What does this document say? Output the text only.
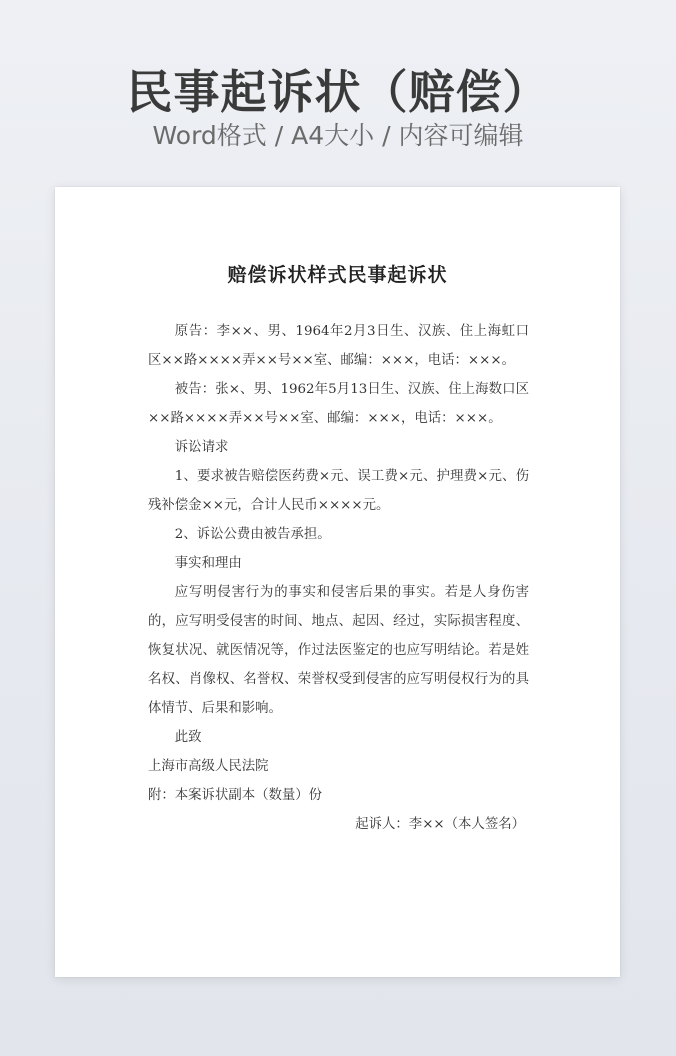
民事起诉状（赔偿）
Word格式 / A4大小 / 内容可编辑
赔偿诉状样式民事起诉状

原告：李××、男、1964年2月3日生、汉族、住上海虹口区××路××××弄××号××室、邮编：×××，电话：×××。

被告：张×、男、1962年5月13日生、汉族、住上海数口区××路××××弄××号××室、邮编：×××，电话：×××。

诉讼请求

1、要求被告赔偿医药费×元、误工费×元、护理费×元、伤残补偿金××元，合计人民币××××元。

2、诉讼公费由被告承担。

事实和理由

应写明侵害行为的事实和侵害后果的事实。若是人身伤害的，应写明受侵害的时间、地点、起因、经过，实际损害程度、恢复状况、就医情况等，作过法医鉴定的也应写明结论。若是姓名权、肖像权、名誉权、荣誉权受到侵害的应写明侵权行为的具体情节、后果和影响。

此致

上海市高级人民法院

附：本案诉状副本（数量）份

起诉人：李××（本人签名）
